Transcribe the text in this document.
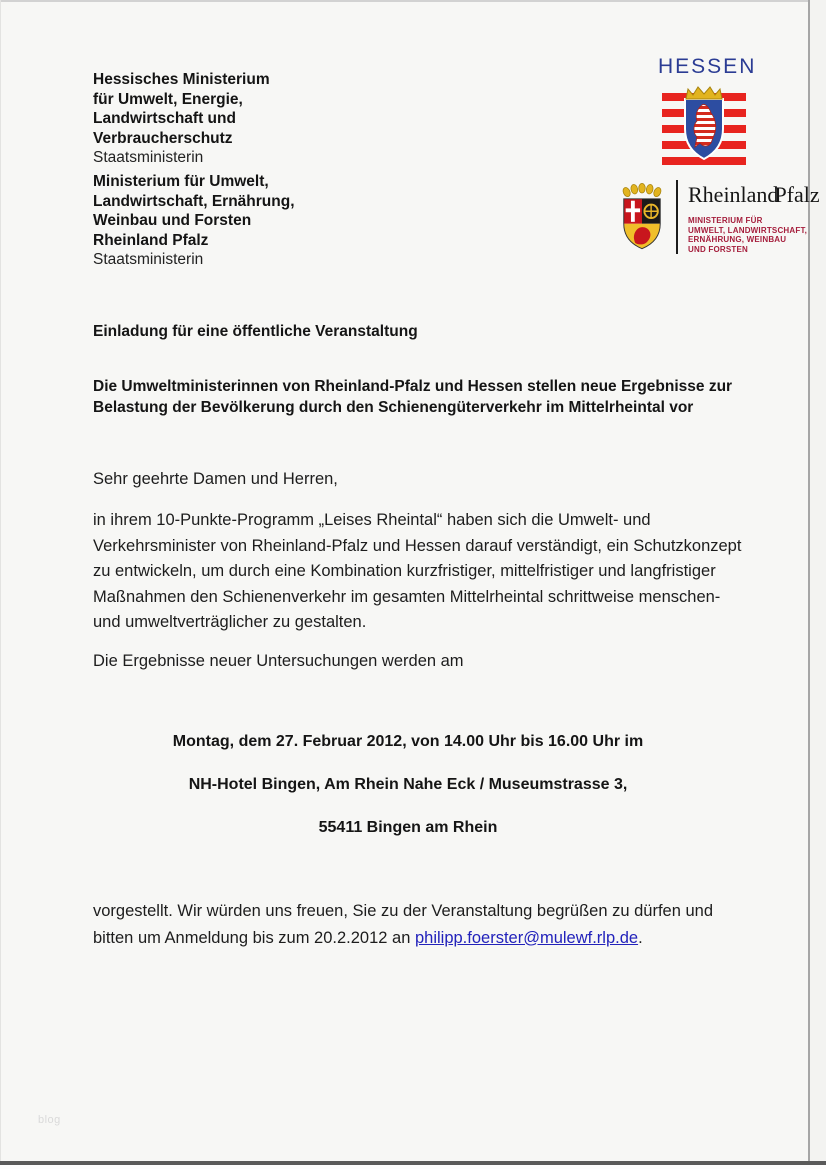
Hessisches Ministerium
für Umwelt, Energie,
Landwirtschaft und
Verbraucherschutz
Staatsministerin
Ministerium für Umwelt,
Landwirtschaft, Ernährung,
Weinbau und Forsten
Rheinland Pfalz
Staatsministerin
HESSEN
RheinlandPfalz
MINISTERIUM FÜR
UMWELT, LANDWIRTSCHAFT,
ERNÄHRUNG, WEINBAU
UND FORSTEN
Einladung für eine öffentliche Veranstaltung
Die Umweltministerinnen von Rheinland-Pfalz und Hessen stellen neue Ergebnisse zur Belastung der Bevölkerung durch den Schienengüterverkehr im Mittelrheintal vor
Sehr geehrte Damen und Herren,
in ihrem 10-Punkte-Programm „Leises Rheintal“ haben sich die Umwelt- und Verkehrsminister von Rheinland-Pfalz und Hessen darauf verständigt, ein Schutzkonzept zu entwickeln, um durch eine Kombination kurzfristiger, mittelfristiger und langfristiger Maßnahmen den Schienenverkehr im gesamten Mittelrheintal schrittweise menschen- und umweltverträglicher zu gestalten.
Die Ergebnisse neuer Untersuchungen werden am
Montag, dem 27. Februar 2012, von 14.00 Uhr bis 16.00 Uhr im
NH-Hotel Bingen, Am Rhein Nahe Eck / Museumstrasse 3,
55411 Bingen am Rhein
vorgestellt. Wir würden uns freuen, Sie zu der Veranstaltung begrüßen zu dürfen und bitten um Anmeldung bis zum 20.2.2012 an philipp.foerster@mulewf.rlp.de.
blog
